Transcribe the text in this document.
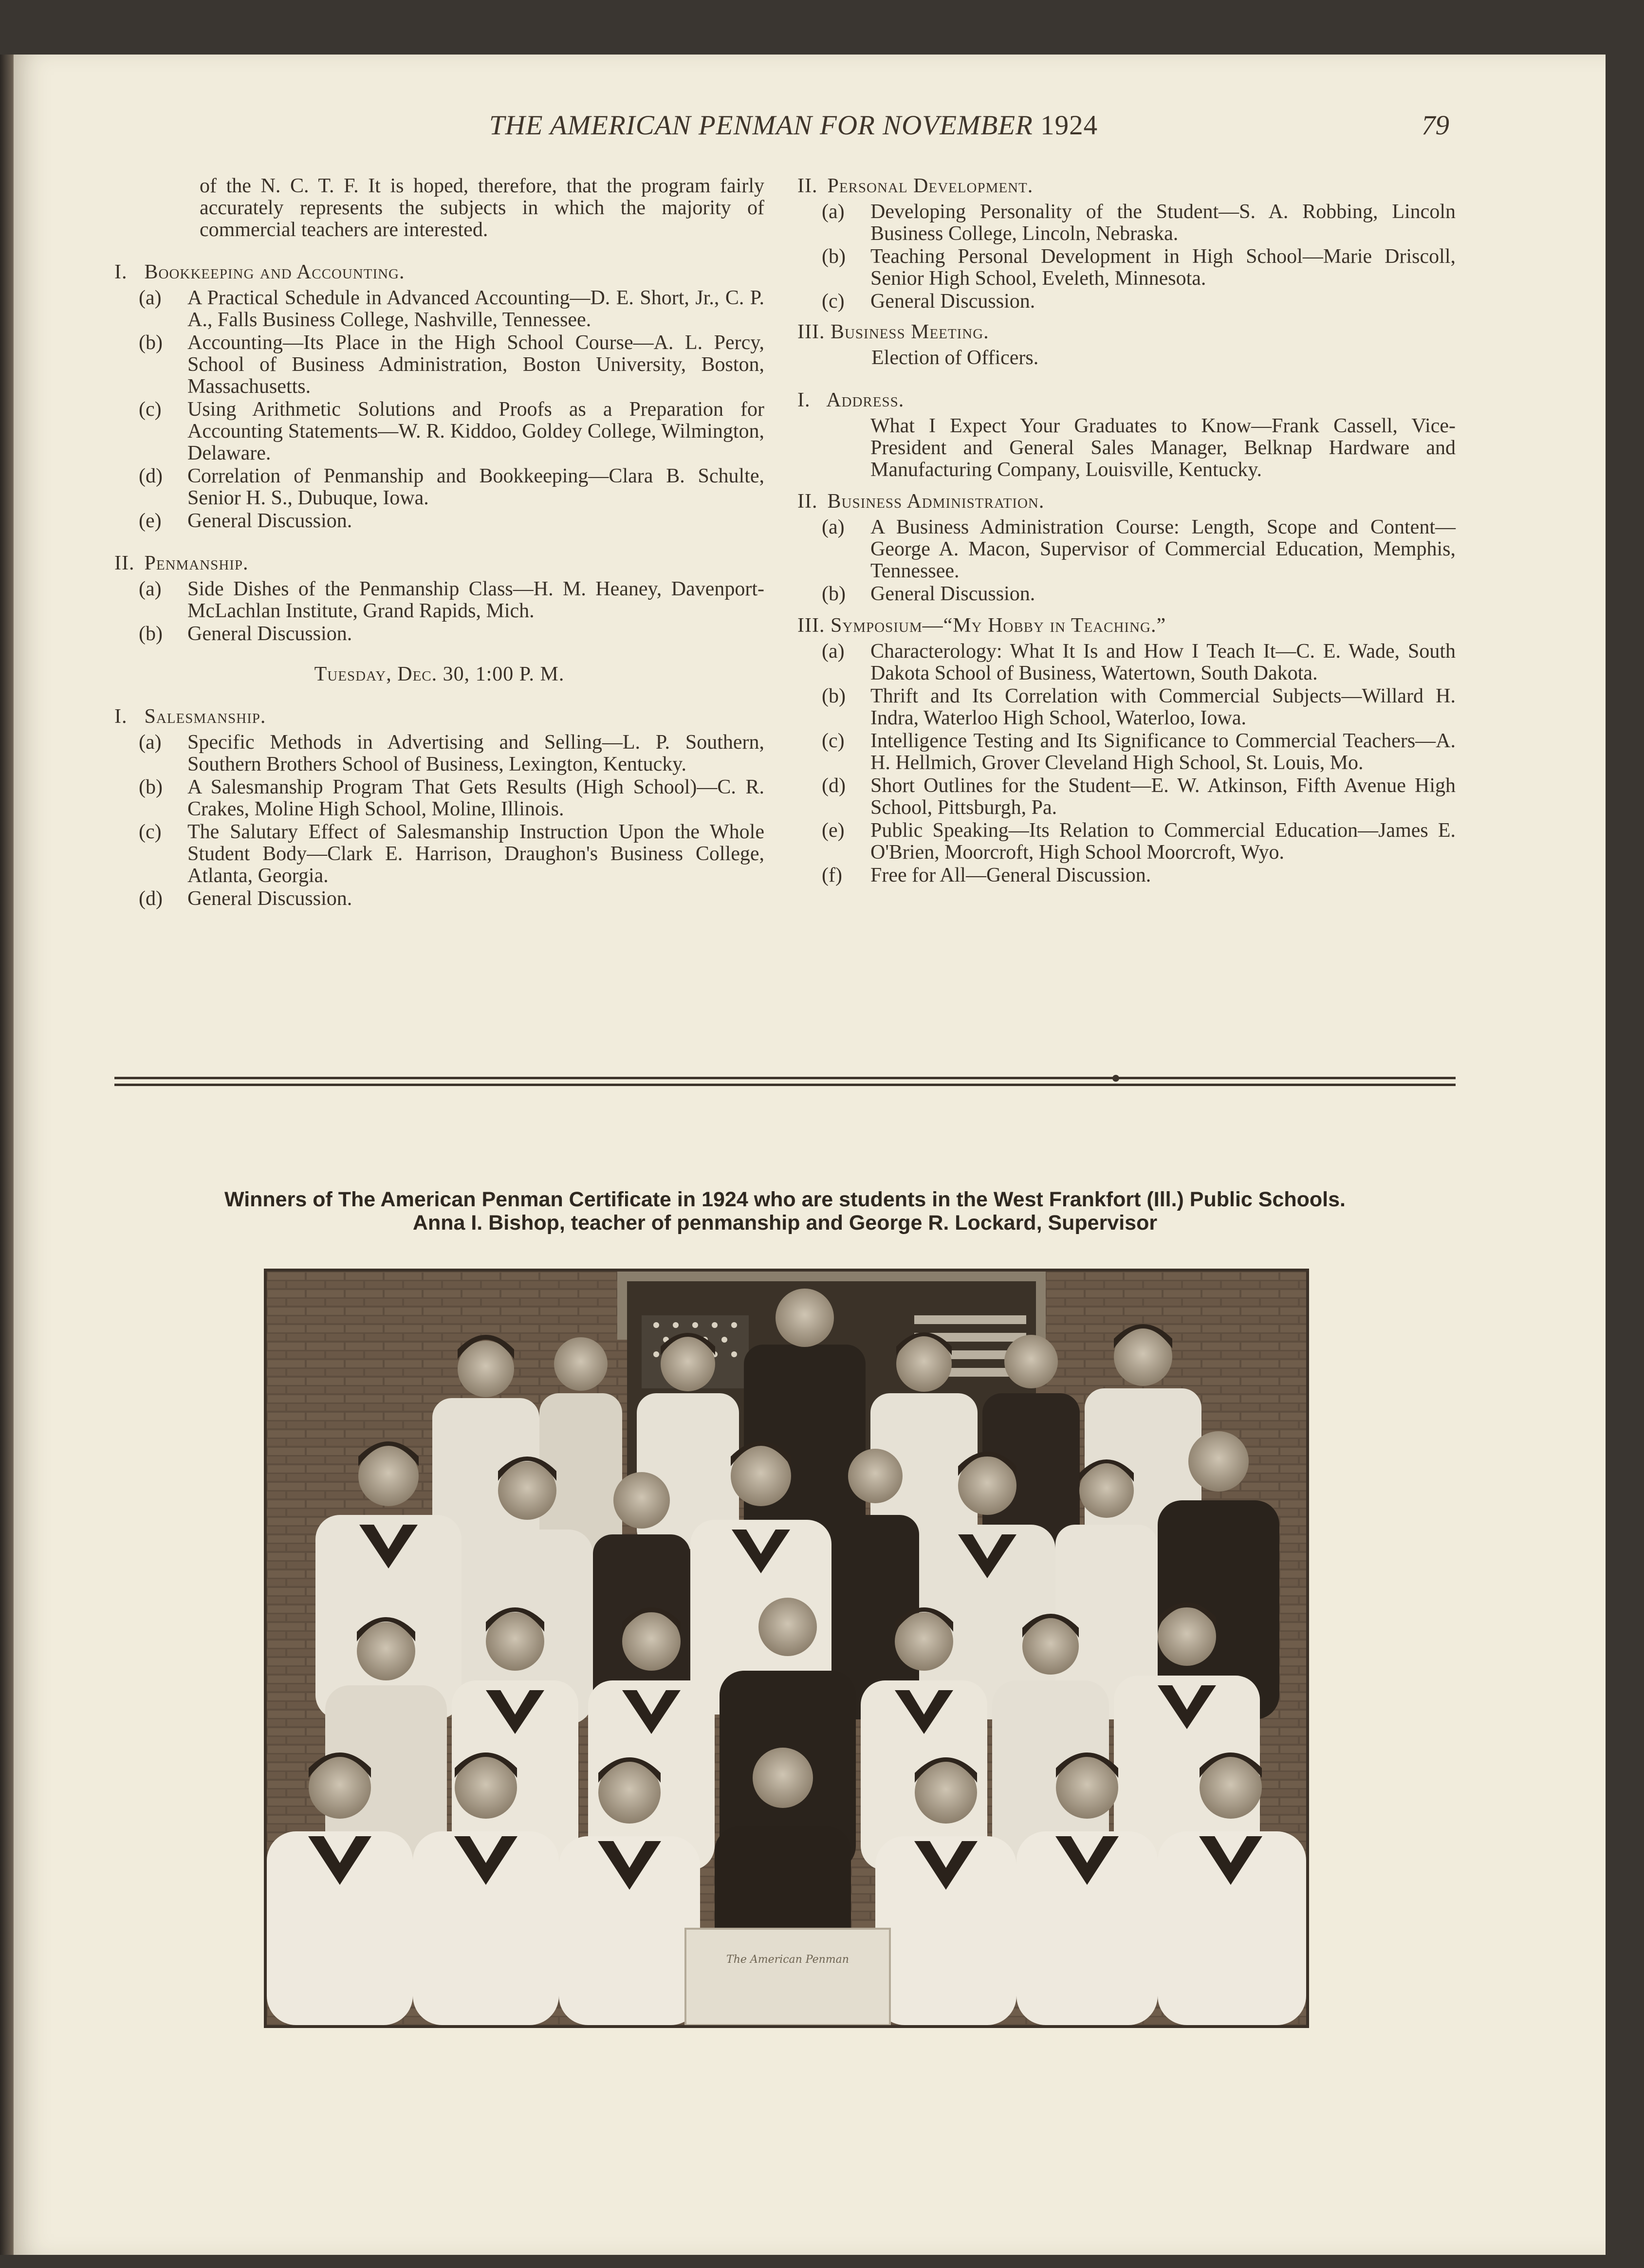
THE AMERICAN PENMAN FOR NOVEMBER 1924	79
of the N. C. T. F. It is hoped, therefore, that the program fairly accurately represents the subjects in which the majority of commercial teachers are interested.
I. Bookkeeping and Accounting.
(a)	A Practical Schedule in Advanced Accounting—D. E. Short, Jr., C. P. A., Falls Business College, Nashville, Tennessee.
(b)	Accounting—Its Place in the High School Course—A. L. Percy, School of Business Administration, Boston University, Boston, Massachusetts.
(c)	Using Arithmetic Solutions and Proofs as a Preparation for Accounting Statements—W. R. Kiddoo, Goldey College, Wilmington, Delaware.
(d)	Correlation of Penmanship and Bookkeeping—Clara B. Schulte, Senior H. S., Dubuque, Iowa.
(e)	General Discussion.
II. Penmanship.
(a)	Side Dishes of the Penmanship Class—H. M. Heaney, Davenport-McLachlan Institute, Grand Rapids, Mich.
(b)	General Discussion.
Tuesday, Dec. 30, 1:00 P. M.
I. Salesmanship.
(a)	Specific Methods in Advertising and Selling—L. P. Southern, Southern Brothers School of Business, Lexington, Kentucky.
(b)	A Salesmanship Program That Gets Results (High School)—C. R. Crakes, Moline High School, Moline, Illinois.
(c)	The Salutary Effect of Salesmanship Instruction Upon the Whole Student Body—Clark E. Harrison, Draughon's Business College, Atlanta, Georgia.
(d)	General Discussion.
II. Personal Development.
(a)	Developing Personality of the Student—S. A. Robbing, Lincoln Business College, Lincoln, Nebraska.
(b)	Teaching Personal Development in High School—Marie Driscoll, Senior High School, Eveleth, Minnesota.
(c)	General Discussion.
III. Business Meeting.
Election of Officers.
I. Address.
What I Expect Your Graduates to Know—Frank Cassell, Vice-President and General Sales Manager, Belknap Hardware and Manufacturing Company, Louisville, Kentucky.
II. Business Administration.
(a)	A Business Administration Course: Length, Scope and Content—George A. Macon, Supervisor of Commercial Education, Memphis, Tennessee.
(b)	General Discussion.
III. Symposium—“My Hobby in Teaching.”
(a)	Characterology: What It Is and How I Teach It—C. E. Wade, South Dakota School of Business, Watertown, South Dakota.
(b)	Thrift and Its Correlation with Commercial Subjects—Willard H. Indra, Waterloo High School, Waterloo, Iowa.
(c)	Intelligence Testing and Its Significance to Commercial Teachers—A. H. Hellmich, Grover Cleveland High School, St. Louis, Mo.
(d)	Short Outlines for the Student—E. W. Atkinson, Fifth Avenue High School, Pittsburgh, Pa.
(e)	Public Speaking—Its Relation to Commercial Education—James E. O'Brien, Moorcroft, High School Moorcroft, Wyo.
(f)	Free for All—General Discussion.
Winners of The American Penman Certificate in 1924 who are students in the West Frankfort (Ill.) Public Schools.
Anna I. Bishop, teacher of penmanship and George R. Lockard, Supervisor
The American Penman
